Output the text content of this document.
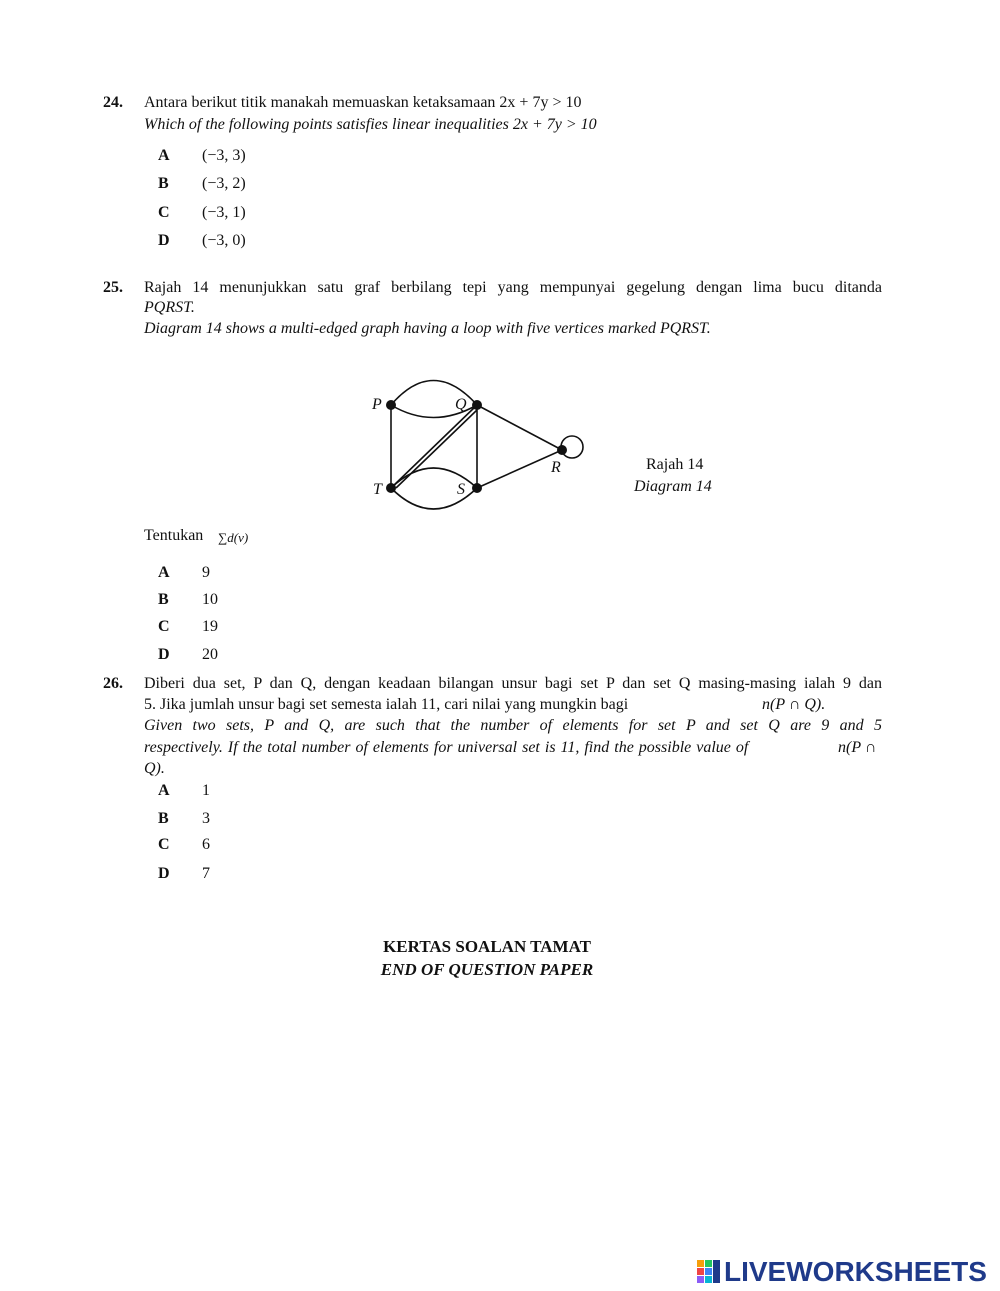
24. Antara berikut titik manakah memuaskan ketaksamaan 2x + 7y > 10
Which of the following points satisfies linear inequalities 2x + 7y > 10
A (−3, 3)
B (−3, 2)
C (−3, 1)
D (−3, 0)
25. Rajah 14 menunjukkan satu graf berbilang tepi yang mempunyai gegelung dengan lima bucu ditanda
PQRST.
Diagram 14 shows a multi-edged graph having a loop with five vertices marked PQRST.
P	Q
R
S
T
Rajah 14
Diagram 14
Tentukan ∑d(v)
A 9
B 10
C 19
D 20
26. Diberi dua set, P dan Q, dengan keadaan bilangan unsur bagi set P dan set Q masing-masing ialah 9 dan
5. Jika jumlah unsur bagi set semesta ialah 11, cari nilai yang mungkin bagi	n(P ∩ Q).
Given two sets, P and Q, are such that the number of elements for set P and set Q are 9 and 5
respectively. If the total number of elements for universal set is 11, find the possible value of	n(P ∩
Q).
A 1
B 3
C 6
D 7
KERTAS SOALAN TAMAT
END OF QUESTION PAPER
LIVEWORKSHEETS
